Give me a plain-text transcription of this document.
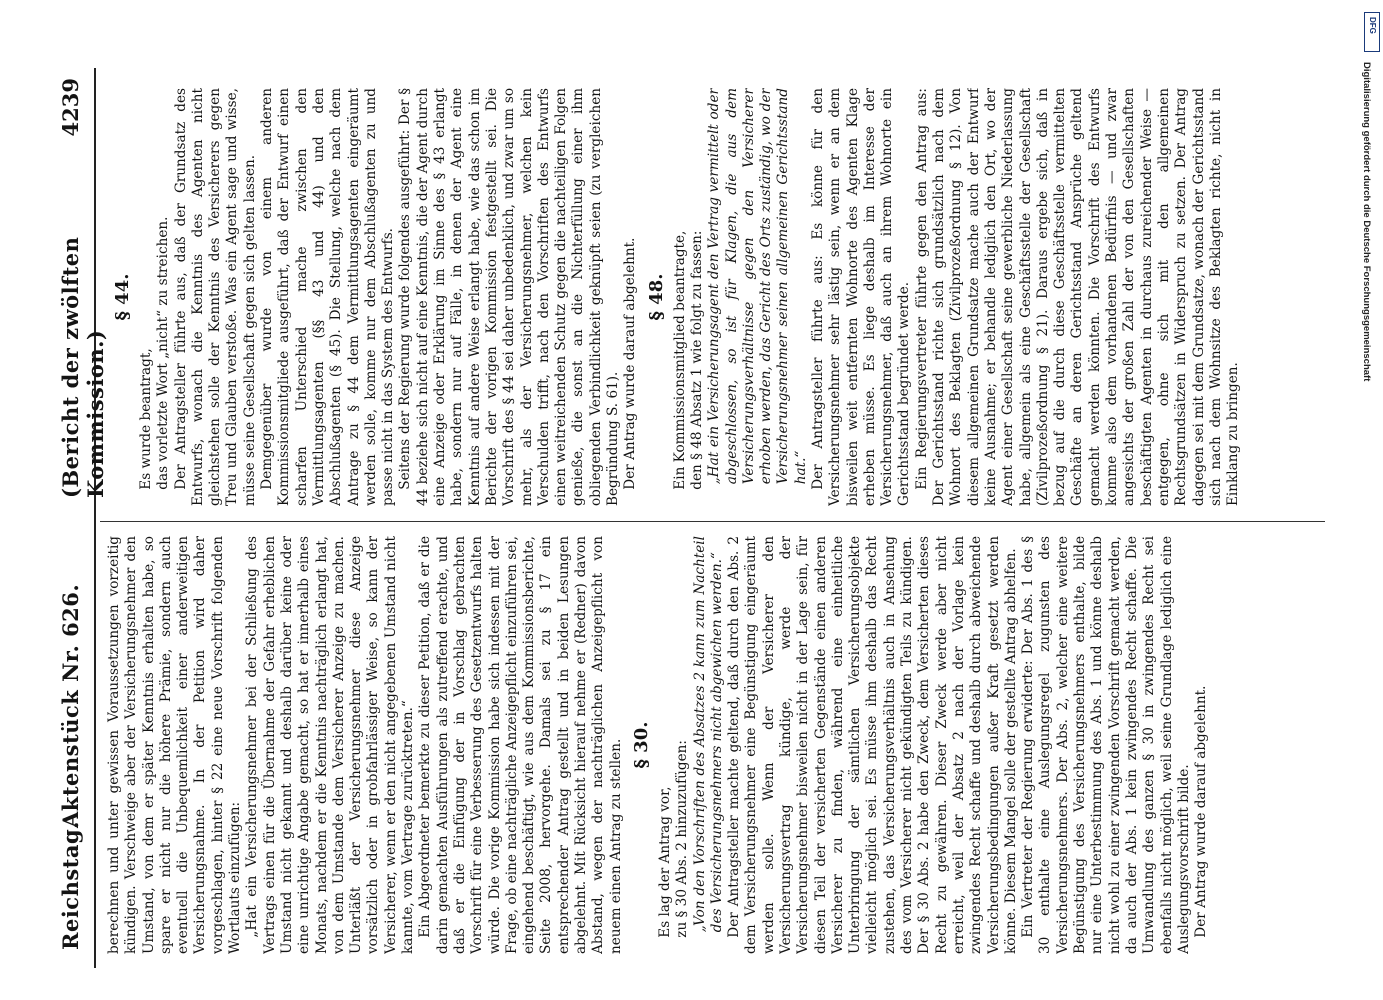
Reichstag.
Aktenstück Nr. 626.
(Bericht der zwölften Kommission.)
4239

berechnen und unter gewissen Voraussetzungen vorzeitig kündigen. Verschweige aber der Versicherungsnehmer den Umstand, von dem er später Kenntnis erhalten habe, so spare er nicht nur die höhere Prämie, sondern auch eventuell die Unbequemlichkeit einer anderweitigen Versicherungsnahme. In der Petition wird daher vorgeschlagen, hinter § 22 eine neue Vorschrift folgenden Wortlauts einzufügen: „Hat ein Versicherungsnehmer bei der Schließung des Vertrags einen für die Übernahme der Gefahr erheblichen Umstand nicht gekannt und deshalb darüber keine oder eine unrichtige Angabe gemacht, so hat er innerhalb eines Monats, nachdem er die Kenntnis nachträglich erlangt hat, von dem Umstande dem Versicherer Anzeige zu machen. Unterläßt der Versicherungsnehmer diese Anzeige vorsätzlich oder in grobfahrlässiger Weise, so kann der Versicherer, wenn er den nicht angegebenen Umstand nicht kannte, vom Vertrage zurücktreten.“ Ein Abgeordneter bemerkte zu dieser Petition, daß er die darin gemachten Ausführungen als zutreffend erachte, und daß er die Einfügung der in Vorschlag gebrachten Vorschrift für eine Verbesserung des Gesetzentwurfs halten würde. Die vorige Kommission habe sich indessen mit der Frage, ob eine nachträgliche Anzeigepflicht einzuführen sei, eingehend beschäftigt, wie aus dem Kommissionsberichte, Seite 2008, hervorgehe. Damals sei zu § 17 ein entsprechender Antrag gestellt und in beiden Lesungen abgelehnt. Mit Rücksicht hierauf nehme er (Redner) davon Abstand, wegen der nachträglichen Anzeigepflicht von neuem einen Antrag zu stellen. § 30.

Es lag der Antrag vor, zu § 30 Abs. 2 hinzuzufügen: „Von den Vorschriften des Absatzes 2 kann zum Nachteil des Versicherungsnehmers nicht abgewichen werden.“ Der Antragsteller machte geltend, daß durch den Abs. 2 dem Versicherungsnehmer eine Begünstigung eingeräumt werden solle. Wenn der Versicherer den Versicherungsvertrag kündige, werde der Versicherungsnehmer bisweilen nicht in der Lage sein, für diesen Teil der versicherten Gegenstände einen anderen Versicherer zu finden, während eine einheitliche Unterbringung der sämtlichen Versicherungsobjekte vielleicht möglich sei. Es müsse ihm deshalb das Recht zustehen, das Versicherungsverhältnis auch in Ansehung des vom Versicherer nicht gekündigten Teils zu kündigen. Der § 30 Abs. 2 habe den Zweck, dem Versicherten dieses Recht zu gewähren. Dieser Zweck werde aber nicht erreicht, weil der Absatz 2 nach der Vorlage kein zwingendes Recht schaffe und deshalb durch abweichende Versicherungsbedingungen außer Kraft gesetzt werden könne. Diesem Mangel solle der gestellte Antrag abhelfen. Ein Vertreter der Regierung erwiderte: Der Abs. 1 des § 30 enthalte eine Auslegungsregel zugunsten des Versicherungsnehmers. Der Abs. 2, welcher eine weitere Begünstigung des Versicherungsnehmers enthalte, bilde nur eine Unterbestimmung des Abs. 1 und könne deshalb nicht wohl zu einer zwingenden Vorschrift gemacht werden, da auch der Abs. 1 kein zwingendes Recht schaffe. Die Umwandlung des ganzen § 30 in zwingendes Recht sei ebenfalls nicht möglich, weil seine Grundlage lediglich eine Auslegungsvorschrift bilde. Der Antrag wurde darauf abgelehnt.

§ 44.

Es wurde beantragt, das vorletzte Wort „nicht“ zu streichen. Der Antragsteller führte aus, daß der Grundsatz des Entwurfs, wonach die Kenntnis des Agenten nicht gleichstehen solle der Kenntnis des Versicherers gegen Treu und Glauben verstoße. Was ein Agent sage und wisse, müsse seine Gesellschaft gegen sich gelten lassen. Demgegenüber wurde von einem anderen Kommissionsmitgliede ausgeführt, daß der Entwurf einen scharfen Unterschied mache zwischen den Vermittlungsagenten (§§ 43 und 44) und den Abschlußagenten (§ 45). Die Stellung, welche nach dem Antrage zu § 44 dem Vermittlungsagenten eingeräumt werden solle, komme nur dem Abschlußagenten zu und passe nicht in das System des Entwurfs. Seitens der Regierung wurde folgendes ausgeführt: Der § 44 beziehe sich nicht auf eine Kenntnis, die der Agent durch eine Anzeige oder Erklärung im Sinne des § 43 erlangt habe, sondern nur auf Fälle, in denen der Agent eine Kenntnis auf andere Weise erlangt habe, wie das schon im Berichte der vorigen Kommission festgestellt sei. Die Vorschrift des § 44 sei daher unbedenklich, und zwar um so mehr, als der Versicherungsnehmer, welchen kein Verschulden trifft, nach den Vorschriften des Entwurfs einen weitreichenden Schutz gegen die nachteiligen Folgen genieße, die sonst an die Nichterfüllung einer ihm obliegenden Verbindlichkeit geknüpft seien (zu vergleichen Begründung S. 61). Der Antrag wurde darauf abgelehnt. § 48. Ein Kommissionsmitglied beantragte, den § 48 Absatz 1 wie folgt zu fassen: „Hat ein Versicherungsagent den Vertrag vermittelt oder abgeschlossen, so ist für Klagen, die aus dem Versicherungsverhältnisse gegen den Versicherer erhoben werden, das Gericht des Orts zuständig, wo der Versicherungsnehmer seinen allgemeinen Gerichtsstand hat.“ Der Antragsteller führte aus: Es könne für den Versicherungsnehmer sehr lästig sein, wenn er an dem bisweilen weit entfernten Wohnorte des Agenten Klage erheben müsse. Es liege deshalb im Interesse der Versicherungsnehmer, daß auch an ihrem Wohnorte ein Gerichtsstand begründet werde. Ein Regierungsvertreter führte gegen den Antrag aus: Der Gerichtsstand richte sich grundsätzlich nach dem Wohnort des Beklagten (Zivilprozeßordnung § 12). Von diesem allgemeinen Grundsatze mache auch der Entwurf keine Ausnahme; er behandle lediglich den Ort, wo der Agent einer Gesellschaft seine gewerbliche Niederlassung habe, allgemein als eine Geschäftsstelle der Gesellschaft (Zivilprozeßordnung § 21). Daraus ergebe sich, daß in bezug auf die durch diese Geschäftsstelle vermittelten Geschäfte an deren Gerichtsstand Ansprüche geltend gemacht werden könnten. Die Vorschrift des Entwurfs komme also dem vorhandenen Bedürfnis — und zwar angesichts der großen Zahl der von den Gesellschaften beschäftigten Agenten in durchaus zureichender Weise — entgegen, ohne sich mit den allgemeinen Rechtsgrundsätzen in Widerspruch zu setzen. Der Antrag dagegen sei mit dem Grundsatze, wonach der Gerichtsstand sich nach dem Wohnsitze des Beklagten richte, nicht in Einklang zu bringen.

DFG
Digitalisierung gefördert durch die Deutsche Forschungsgemeinschaft
